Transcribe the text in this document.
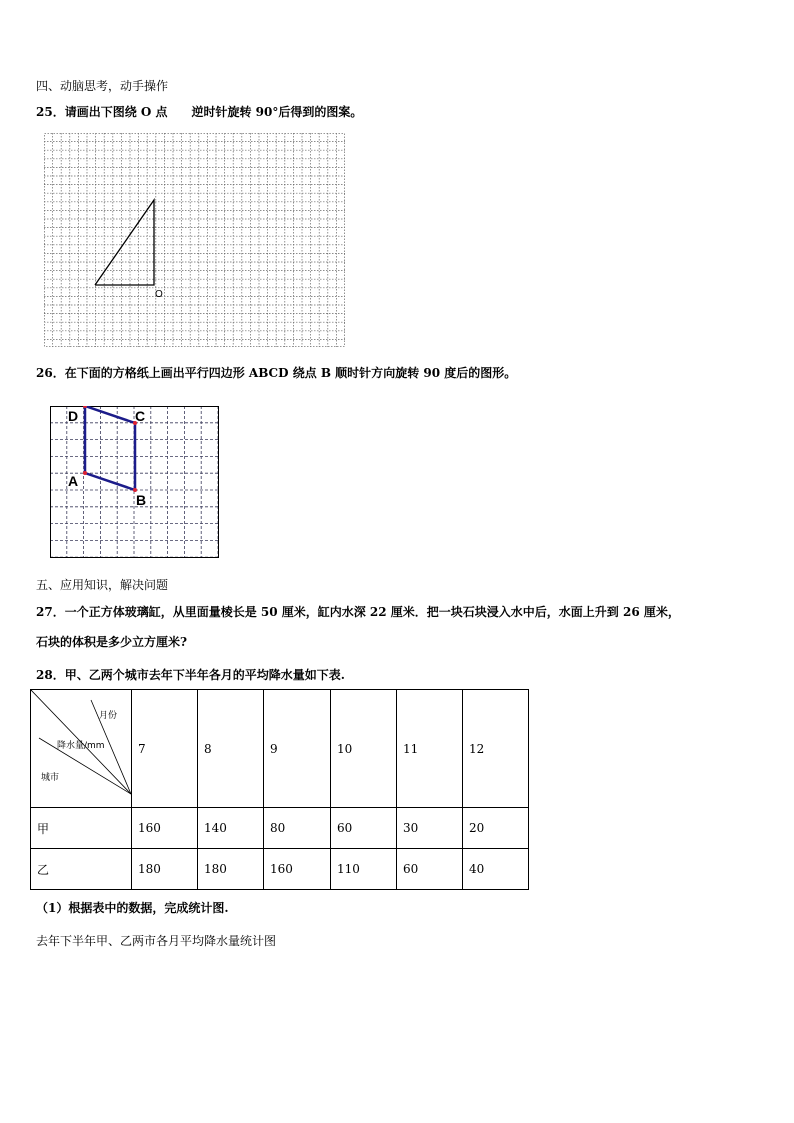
四、动脑思考，动手操作
25．请画出下图绕 O 点　　逆时针旋转 90°后得到的图案。
O
26．在下面的方格纸上画出平行四边形 ABCD 绕点 B 顺时针方向旋转 90 度后的图形。
D	C
A
B
五、应用知识，解决问题
27．一个正方体玻璃缸，从里面量棱长是 50 厘米，缸内水深 22 厘米．把一块石块浸入水中后，水面上升到 26 厘米，
石块的体积是多少立方厘米?
28．甲、乙两个城市去年下半年各月的平均降水量如下表.
月份
降水量/mm
城市	7	8	9	10	11	12
甲	160	140	80	60	30	20
乙	180	180	160	110	60	40
（1）根据表中的数据，完成统计图.
去年下半年甲、乙两市各月平均降水量统计图
